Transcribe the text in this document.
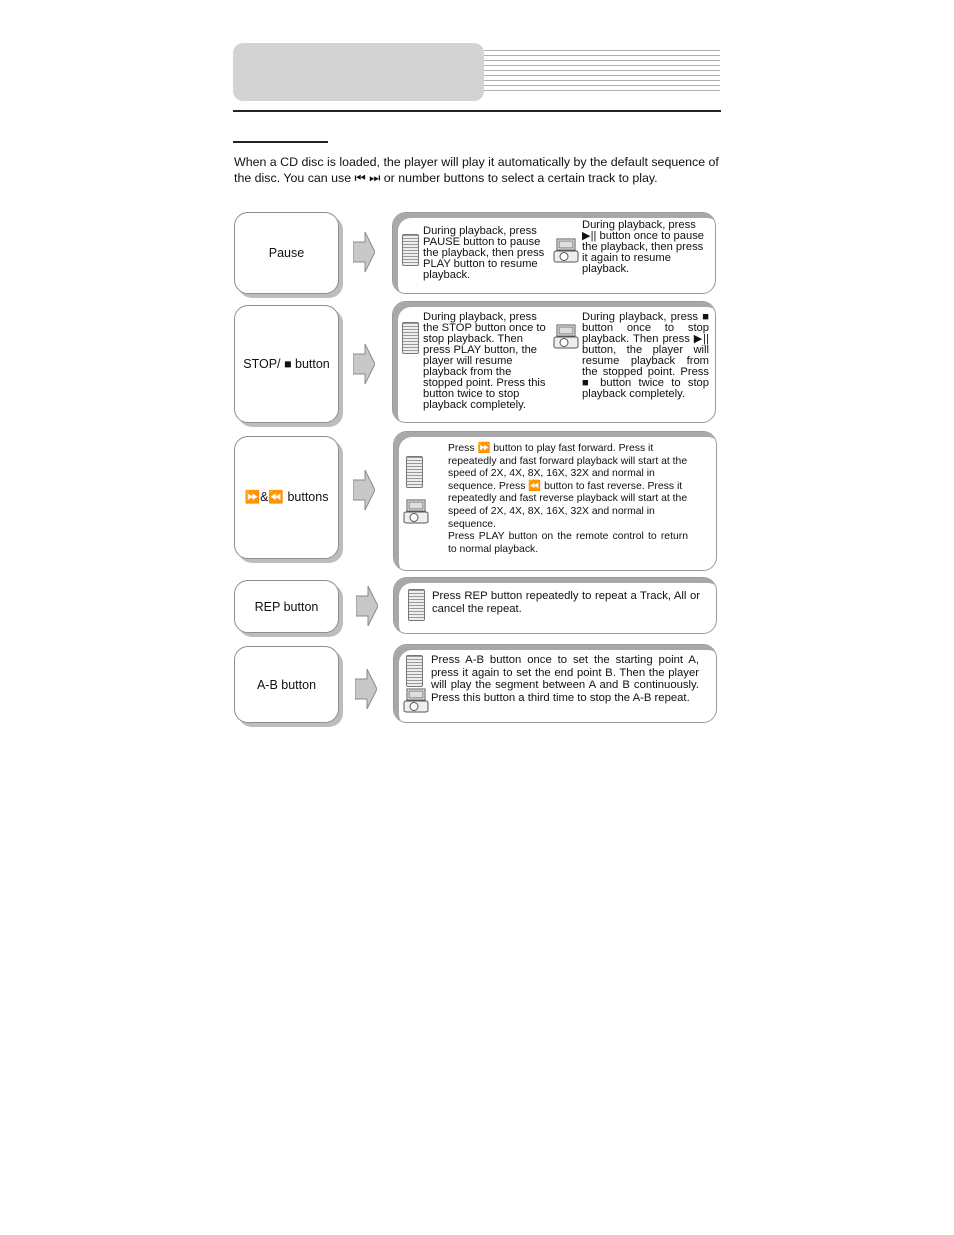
When a CD disc is loaded, the player will play it automatically by the default sequence of the disc. You can use ⏮ ⏭ or number buttons to select a certain track to play.

Pause
During playback, press PAUSE button to pause the playback, then press PLAY button to resume playback.
During playback, press ▶|| button once to pause the playback, then press it again to resume playback.
STOP/ ■ button
During playback, press the STOP button once to stop playback. Then press PLAY button, the player will resume playback from the stopped point. Press this button twice to stop playback completely.
During playback, press ■ button once to stop playback. Then press ▶|| button, the player will resume playback from the stopped point. Press ■ button twice to stop playback completely.
⏩&⏪ buttons
Press ⏩ button to play fast forward. Press it repeatedly and fast forward playback will start at the speed of 2X, 4X, 8X, 16X, 32X and normal in sequence. Press ⏪ button to fast reverse. Press it repeatedly and fast reverse playback will start at the speed of 2X, 4X, 8X, 16X, 32X and normal in sequence.
Press PLAY button on the remote control to return to normal playback.
REP button
Press REP button repeatedly to repeat a Track, All or cancel the repeat.
A-B button
Press A-B button once to set the starting point A, press it again to set the end point B. Then the player will play the segment between A and B continuously. Press this button a third time to stop the A-B repeat.
